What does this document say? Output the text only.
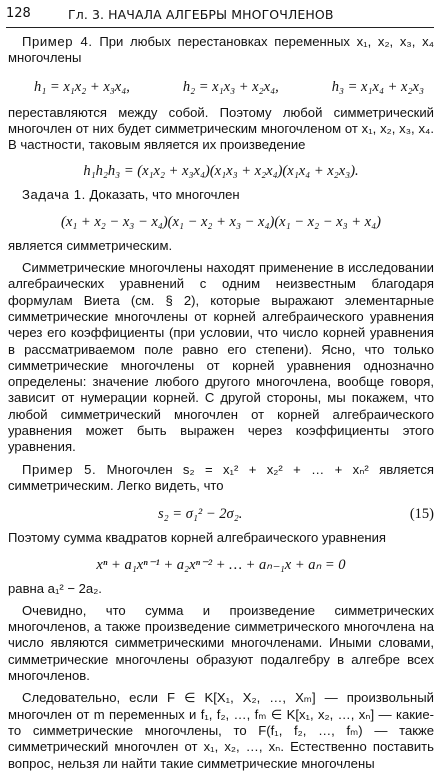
128	Гл. 3. НАЧАЛА АЛГЕБРЫ МНОГОЧЛЕНОВ

Пример 4. При любых перестановках переменных x₁, x₂, x₃, x₄ многочлены

h₁ = x₁x₂ + x₃x₄,	h₂ = x₁x₃ + x₂x₄,	h₃ = x₁x₄ + x₂x₃

переставляются между собой. Поэтому любой симметрический многочлен от них будет симметрическим многочленом от x₁, x₂, x₃, x₄. В частности, таковым является их произведение

h₁h₂h₃ = (x₁x₂ + x₃x₄)(x₁x₃ + x₂x₄)(x₁x₄ + x₂x₃).

Задача 1. Доказать, что многочлен

(x₁ + x₂ − x₃ − x₄)(x₁ − x₂ + x₃ − x₄)(x₁ − x₂ − x₃ + x₄)

является симметрическим.

Симметрические многочлены находят применение в исследовании алгебраических уравнений с одним неизвестным благодаря формулам Виета (см. § 2), которые выражают элементарные симметрические многочлены от корней алгебраического уравнения через его коэффициенты (при условии, что число корней уравнения в рассматриваемом поле равно его степени). Ясно, что только симметрические многочлены от корней уравнения однозначно определены: значение любого другого многочлена, вообще говоря, зависит от нумерации корней. С другой стороны, мы покажем, что любой симметрический многочлен от корней алгебраического уравнения может быть выражен через коэффициенты этого уравнения.

Пример 5. Многочлен s₂ = x₁² + x₂² + … + xₙ² является симметрическим. Легко видеть, что

s₂ = σ₁² − 2σ₂.	(15)

Поэтому сумма квадратов корней алгебраического уравнения

xⁿ + a₁xⁿ⁻¹ + a₂xⁿ⁻² + … + aₙ₋₁x + aₙ = 0

равна a₁² − 2a₂.

Очевидно, что сумма и произведение симметрических многочленов, а также произведение симметрического многочлена на число являются симметрическими многочленами. Иными словами, симметрические многочлены образуют подалгебру в алгебре всех многочленов.

Следовательно, если F ∈ K[X₁, X₂, …, Xₘ] — произвольный многочлен от m переменных и f₁, f₂, …, fₘ ∈ K[x₁, x₂, …, xₙ] — какие-то симметрические многочлены, то F(f₁, f₂, …, fₘ) — также симметрический многочлен от x₁, x₂, …, xₙ. Естественно поставить вопрос, нельзя ли найти такие симметрические многочлены
